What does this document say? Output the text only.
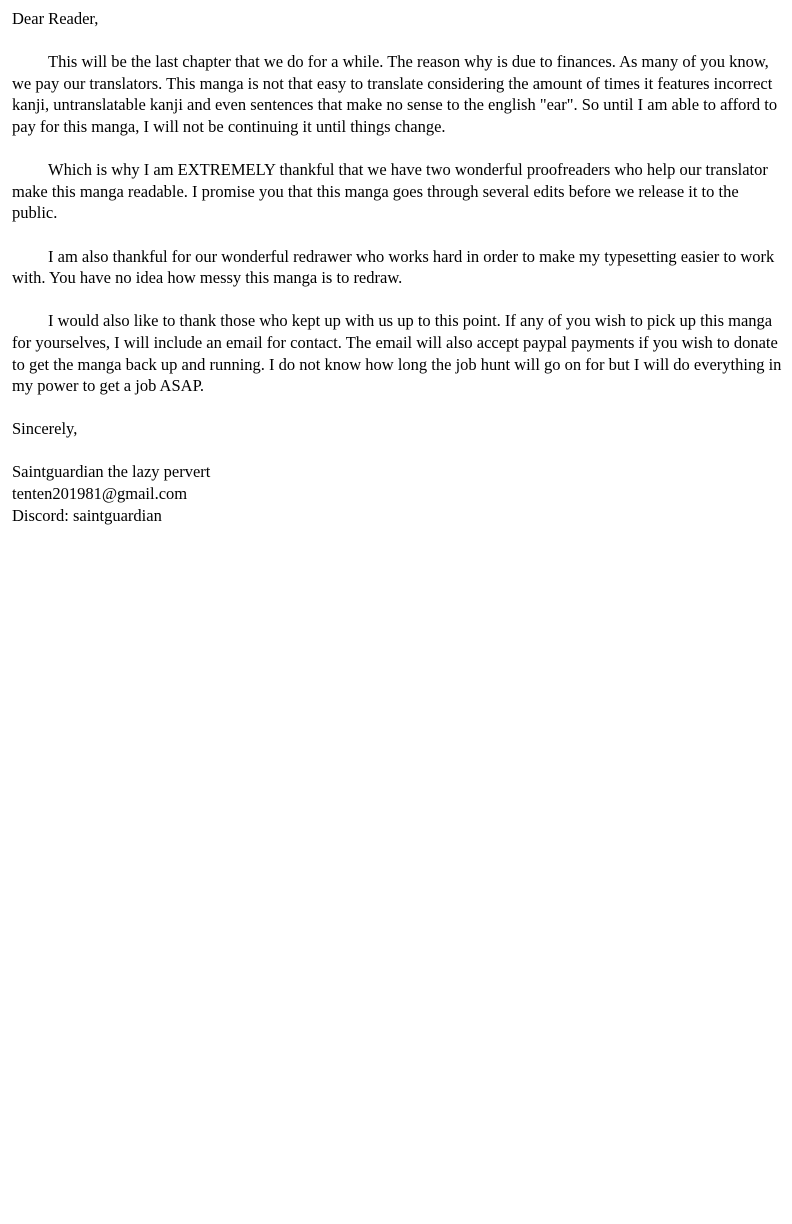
Dear Reader,

This will be the last chapter that we do for a while. The reason why is due to finances. As many of you know, we pay our translators. This manga is not that easy to translate considering the amount of times it features incorrect kanji, untranslatable kanji and even sentences that make no sense to the english "ear". So until I am able to afford to pay for this manga, I will not be continuing it until things change.

Which is why I am EXTREMELY thankful that we have two wonderful proofreaders who help our translator make this manga readable. I promise you that this manga goes through several edits before we release it to the public.

I am also thankful for our wonderful redrawer who works hard in order to make my typesetting easier to work with. You have no idea how messy this manga is to redraw.

I would also like to thank those who kept up with us up to this point. If any of you wish to pick up this manga for yourselves, I will include an email for contact. The email will also accept paypal payments if you wish to donate to get the manga back up and running. I do not know how long the job hunt will go on for but I will do everything in my power to get a job ASAP.

Sincerely,

Saintguardian the lazy pervert
tenten201981@gmail.com
Discord: saintguardian
